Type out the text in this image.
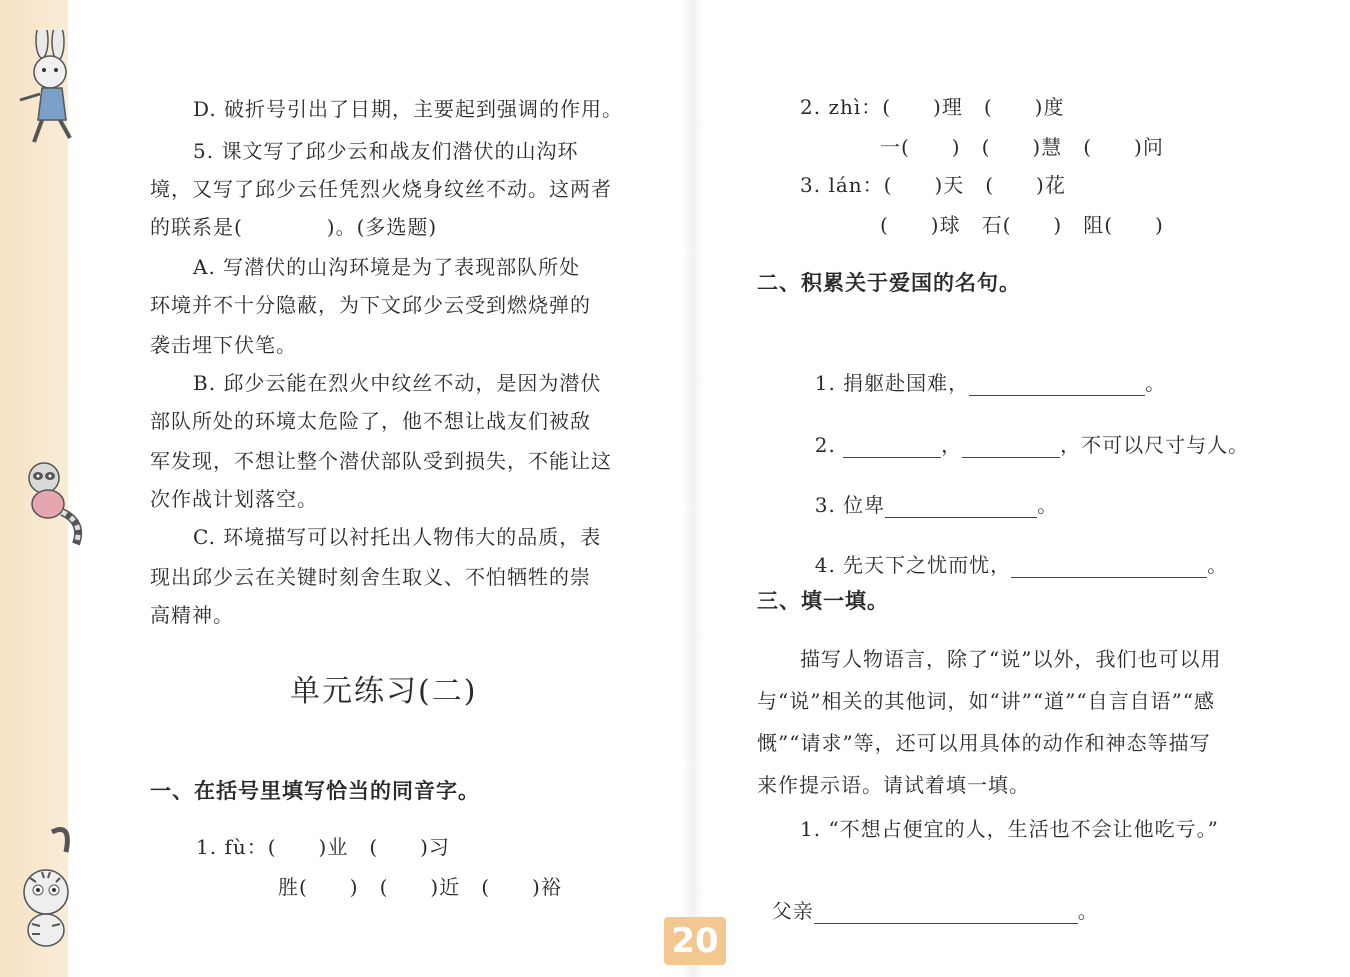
D. 破折号引出了日期，主要起到强调的作用。
5. 课文写了邱少云和战友们潜伏的山沟环
境，又写了邱少云任凭烈火烧身纹丝不动。这两者
的联系是(　　　　)。(多选题)
A. 写潜伏的山沟环境是为了表现部队所处
环境并不十分隐蔽，为下文邱少云受到燃烧弹的
袭击埋下伏笔。
B. 邱少云能在烈火中纹丝不动，是因为潜伏
部队所处的环境太危险了，他不想让战友们被敌
军发现，不想让整个潜伏部队受到损失，不能让这
次作战计划落空。
C. 环境描写可以衬托出人物伟大的品质，表
现出邱少云在关键时刻舍生取义、不怕牺牲的崇
高精神。
单元练习(二)
一、在括号里填写恰当的同音字。
1. fù：(　　)业　(　　)习
胜(　　)　(　　)近　(　　)裕
2. zhì：(　　)理　(　　)度
一(　　)　(　　)慧　(　　)问
3. lán：(　　)天　(　　)花
(　　)球　石(　　)　阻(　　)
二、积累关于爱国的名句。

1. 捐躯赴国难，	。

2.	，	，不可以尺寸与人。

3. 位卑	。

4. 先天下之忧而忧，	。

三、填一填。
描写人物语言，除了“说”以外，我们也可以用
与“说”相关的其他词，如“讲”“道”“自言自语”“感
慨”“请求”等，还可以用具体的动作和神态等描写
来作提示语。请试着填一填。
1. “不想占便宜的人，生活也不会让他吃亏。”

父亲	。

20
